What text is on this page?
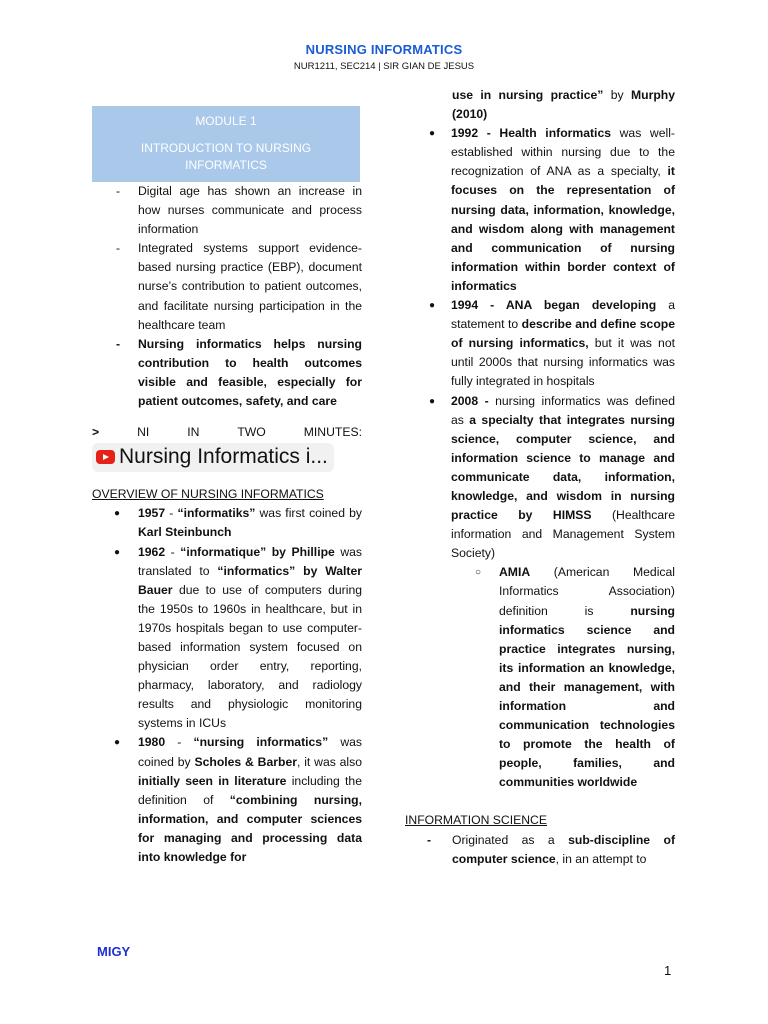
NURSING INFORMATICS
NUR1211, SEC214 | SIR GIAN DE JESUS
MODULE 1
INTRODUCTION TO NURSING INFORMATICS
- Digital age has shown an increase in how nurses communicate and process information
- Integrated systems support evidence-based nursing practice (EBP), document nurse’s contribution to patient outcomes, and facilitate nursing participation in the healthcare team
- Nursing informatics helps nursing contribution to health outcomes visible and feasible, especially for patient outcomes, safety, and care
>	NI	IN	TWO	MINUTES:
Nursing Informatics i...
OVERVIEW OF NURSING INFORMATICS
● 1957 - “informatiks” was first coined by Karl Steinbunch
● 1962 - “informatique” by Phillipe was translated to “informatics” by Walter Bauer due to use of computers during the 1950s to 1960s in healthcare, but in 1970s hospitals began to use computer-based information system focused on physician order entry, reporting, pharmacy, laboratory, and radiology results and physiologic monitoring systems in ICUs
● 1980 - “nursing informatics” was coined by Scholes & Barber, it was also initially seen in literature including the definition of “combining nursing, information, and computer sciences for managing and processing data into knowledge for
use in nursing practice” by Murphy (2010)
● 1992 - Health informatics was well-established within nursing due to the recognization of ANA as a specialty, it focuses on the representation of nursing data, information, knowledge, and wisdom along with management and communication of nursing information within border context of informatics
● 1994 - ANA began developing a statement to describe and define scope of nursing informatics, but it was not until 2000s that nursing informatics was fully integrated in hospitals
● 2008 - nursing informatics was defined as a specialty that integrates nursing science, computer science, and information science to manage and communicate data, information, knowledge, and wisdom in nursing practice by HIMSS (Healthcare information and Management System Society)
○ AMIA (American Medical Informatics Association) definition is nursing informatics science and practice integrates nursing, its information an knowledge, and their management, with information and communication technologies to promote the health of people, families, and communities worldwide
INFORMATION SCIENCE
- Originated as a sub-discipline of computer science, in an attempt to
MIGY
1
